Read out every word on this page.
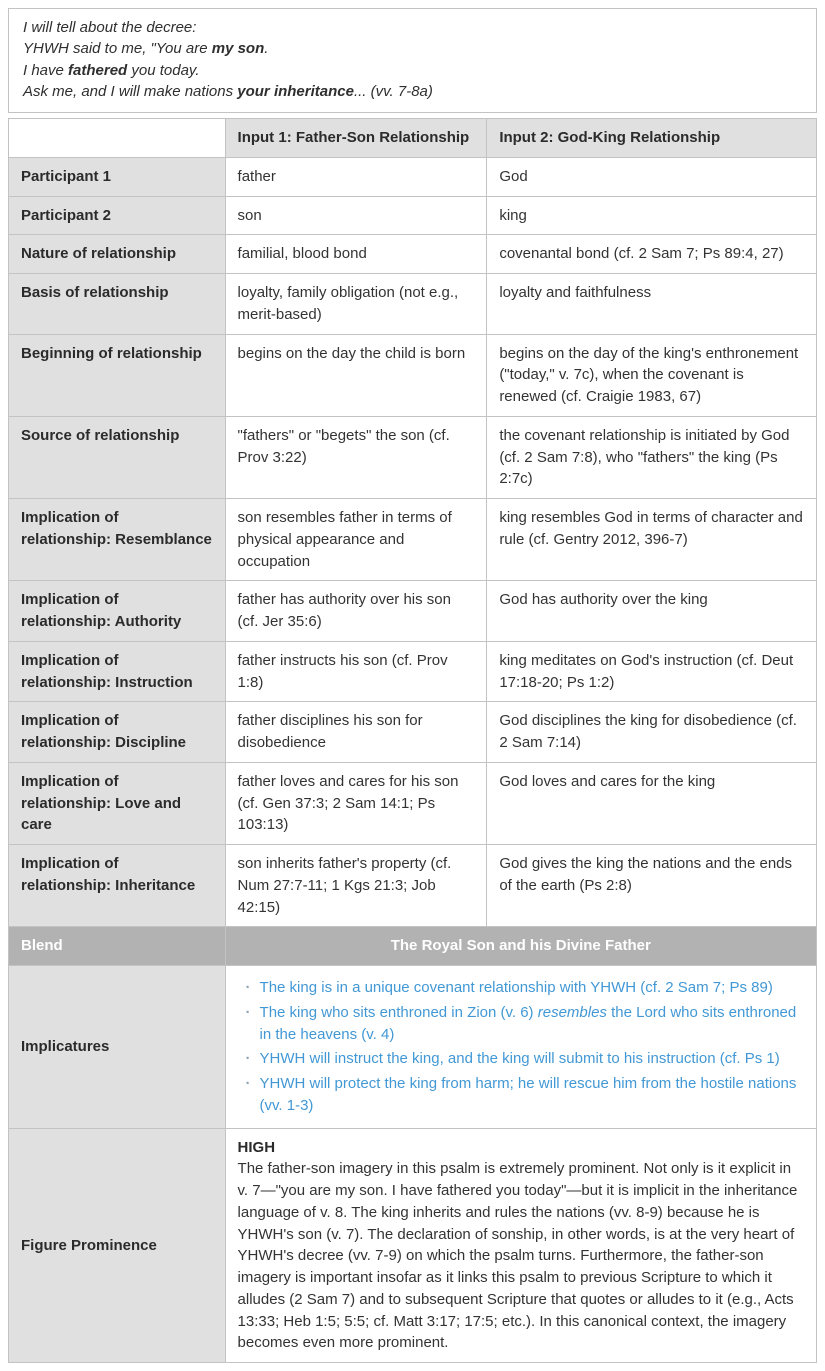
I will tell about the decree:
YHWH said to me, "You are my son.
I have fathered you today.
Ask me, and I will make nations your inheritance... (vv. 7-8a)
	Input 1: Father-Son Relationship	Input 2: God-King Relationship
Participant 1	father	God
Participant 2	son	king
Nature of relationship	familial, blood bond	covenantal bond (cf. 2 Sam 7; Ps 89:4, 27)
Basis of relationship	loyalty, family obligation (not e.g., merit-based)	loyalty and faithfulness
Beginning of relationship	begins on the day the child is born	begins on the day of the king's enthronement ("today," v. 7c), when the covenant is renewed (cf. Craigie 1983, 67)
Source of relationship	"fathers" or "begets" the son (cf. Prov 3:22)	the covenant relationship is initiated by God (cf. 2 Sam 7:8), who "fathers" the king (Ps 2:7c)
Implication of relationship: Resemblance	son resembles father in terms of physical appearance and occupation	king resembles God in terms of character and rule (cf. Gentry 2012, 396-7)
Implication of relationship: Authority	father has authority over his son (cf. Jer 35:6)	God has authority over the king
Implication of relationship: Instruction	father instructs his son (cf. Prov 1:8)	king meditates on God's instruction (cf. Deut 17:18-20; Ps 1:2)
Implication of relationship: Discipline	father disciplines his son for disobedience	God disciplines the king for disobedience (cf. 2 Sam 7:14)
Implication of relationship: Love and care	father loves and cares for his son (cf. Gen 37:3; 2 Sam 14:1; Ps 103:13)	God loves and cares for the king
Implication of relationship: Inheritance	son inherits father's property (cf. Num 27:7-11; 1 Kgs 21:3; Job 42:15)	God gives the king the nations and the ends of the earth (Ps 2:8)
Blend	The Royal Son and his Divine Father	
Implicatures	
· The king is in a unique covenant relationship with YHWH (cf. 2 Sam 7; Ps 89)
· The king who sits enthroned in Zion (v. 6) resembles the Lord who sits enthroned in the heavens (v. 4)
· YHWH will instruct the king, and the king will submit to his instruction (cf. Ps 1)
· YHWH will protect the king from harm; he will rescue him from the hostile nations (vv. 1-3)

Figure Prominence	HIGH
The father-son imagery in this psalm is extremely prominent. Not only is it explicit in v. 7—"you are my son. I have fathered you today"—but it is implicit in the inheritance language of v. 8. The king inherits and rules the nations (vv. 8-9) because he is YHWH's son (v. 7). The declaration of sonship, in other words, is at the very heart of YHWH's decree (vv. 7-9) on which the psalm turns. Furthermore, the father-son imagery is important insofar as it links this psalm to previous Scripture to which it alludes (2 Sam 7) and to subsequent Scripture that quotes or alludes to it (e.g., Acts 13:33; Heb 1:5; 5:5; cf. Matt 3:17; 17:5; etc.). In this canonical context, the imagery becomes even more prominent.	
